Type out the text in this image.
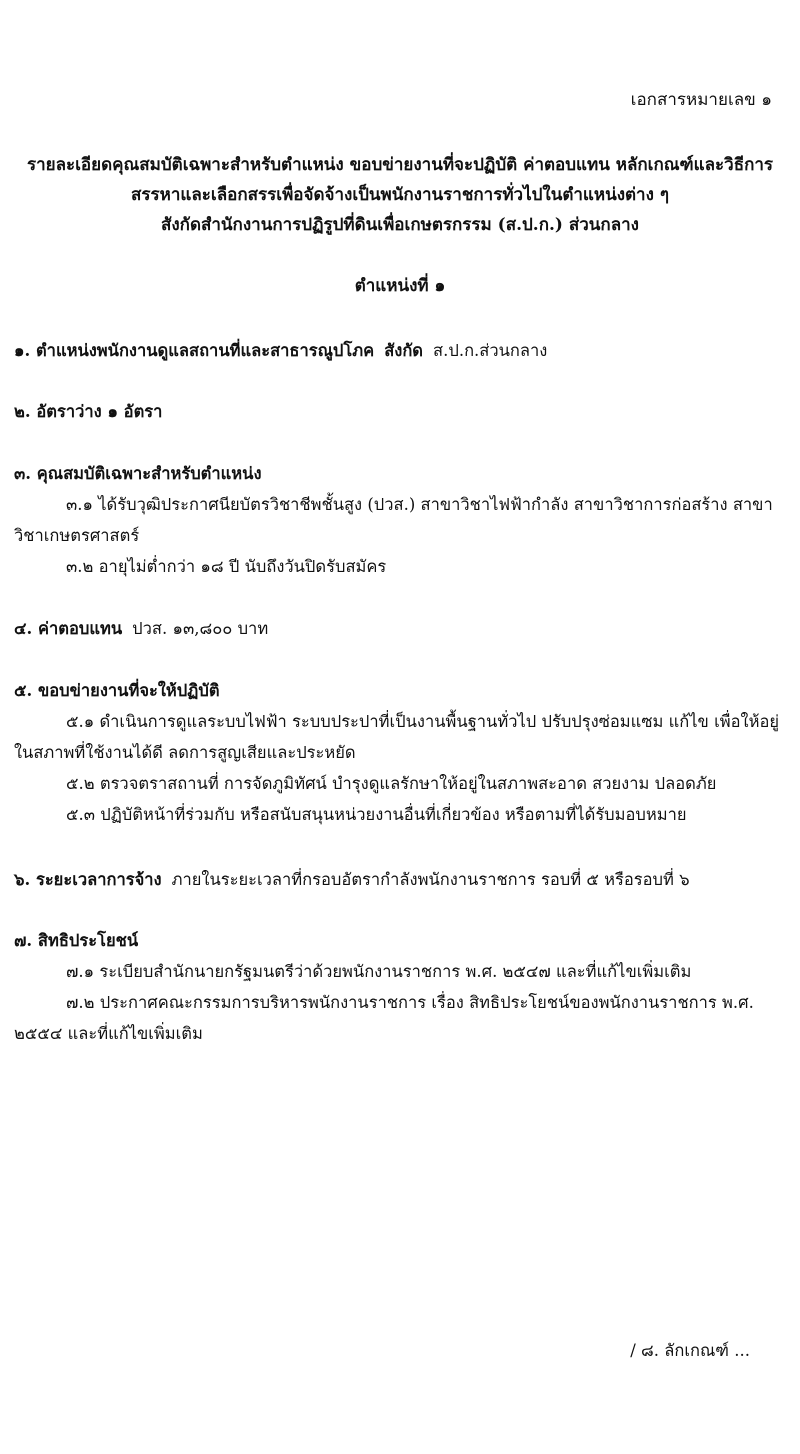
เอกสารหมายเลข ๑
รายละเอียดคุณสมบัติเฉพาะสำหรับตำแหน่ง ขอบข่ายงานที่จะปฏิบัติ ค่าตอบแทน หลักเกณฑ์และวิธีการ
สรรหาและเลือกสรรเพื่อจัดจ้างเป็นพนักงานราชการทั่วไปในตำแหน่งต่าง ๆ
สังกัดสำนักงานการปฏิรูปที่ดินเพื่อเกษตรกรรม (ส.ป.ก.) ส่วนกลาง
ตำแหน่งที่ ๑
๑. ตำแหน่งพนักงานดูแลสถานที่และสาธารณูปโภค สังกัด ส.ป.ก.ส่วนกลาง
๒. อัตราว่าง ๑ อัตรา
๓. คุณสมบัติเฉพาะสำหรับตำแหน่ง
๓.๑ ได้รับวุฒิประกาศนียบัตรวิชาชีพชั้นสูง (ปวส.) สาขาวิชาไฟฟ้ากำลัง สาขาวิชาการก่อสร้าง สาขาวิชาเกษตรศาสตร์
๓.๒ อายุไม่ต่ำกว่า ๑๘ ปี นับถึงวันปิดรับสมัคร
๔. ค่าตอบแทน ปวส. ๑๓,๘๐๐ บาท
๕. ขอบข่ายงานที่จะให้ปฏิบัติ
๕.๑ ดำเนินการดูแลระบบไฟฟ้า ระบบประปาที่เป็นงานพื้นฐานทั่วไป ปรับปรุงซ่อมแซม แก้ไข เพื่อให้อยู่ในสภาพที่ใช้งานได้ดี ลดการสูญเสียและประหยัด
๕.๒ ตรวจตราสถานที่ การจัดภูมิทัศน์ บำรุงดูแลรักษาให้อยู่ในสภาพสะอาด สวยงาม ปลอดภัย
๕.๓ ปฏิบัติหน้าที่ร่วมกับ หรือสนับสนุนหน่วยงานอื่นที่เกี่ยวข้อง หรือตามที่ได้รับมอบหมาย
๖. ระยะเวลาการจ้าง ภายในระยะเวลาที่กรอบอัตรากำลังพนักงานราชการ รอบที่ ๕ หรือรอบที่ ๖
๗. สิทธิประโยชน์
๗.๑ ระเบียบสำนักนายกรัฐมนตรีว่าด้วยพนักงานราชการ พ.ศ. ๒๕๔๗ และที่แก้ไขเพิ่มเติม
๗.๒ ประกาศคณะกรรมการบริหารพนักงานราชการ เรื่อง สิทธิประโยชน์ของพนักงานราชการ พ.ศ. ๒๕๕๔ และที่แก้ไขเพิ่มเติม
/ ๘. ลักเกณฑ์ ...
